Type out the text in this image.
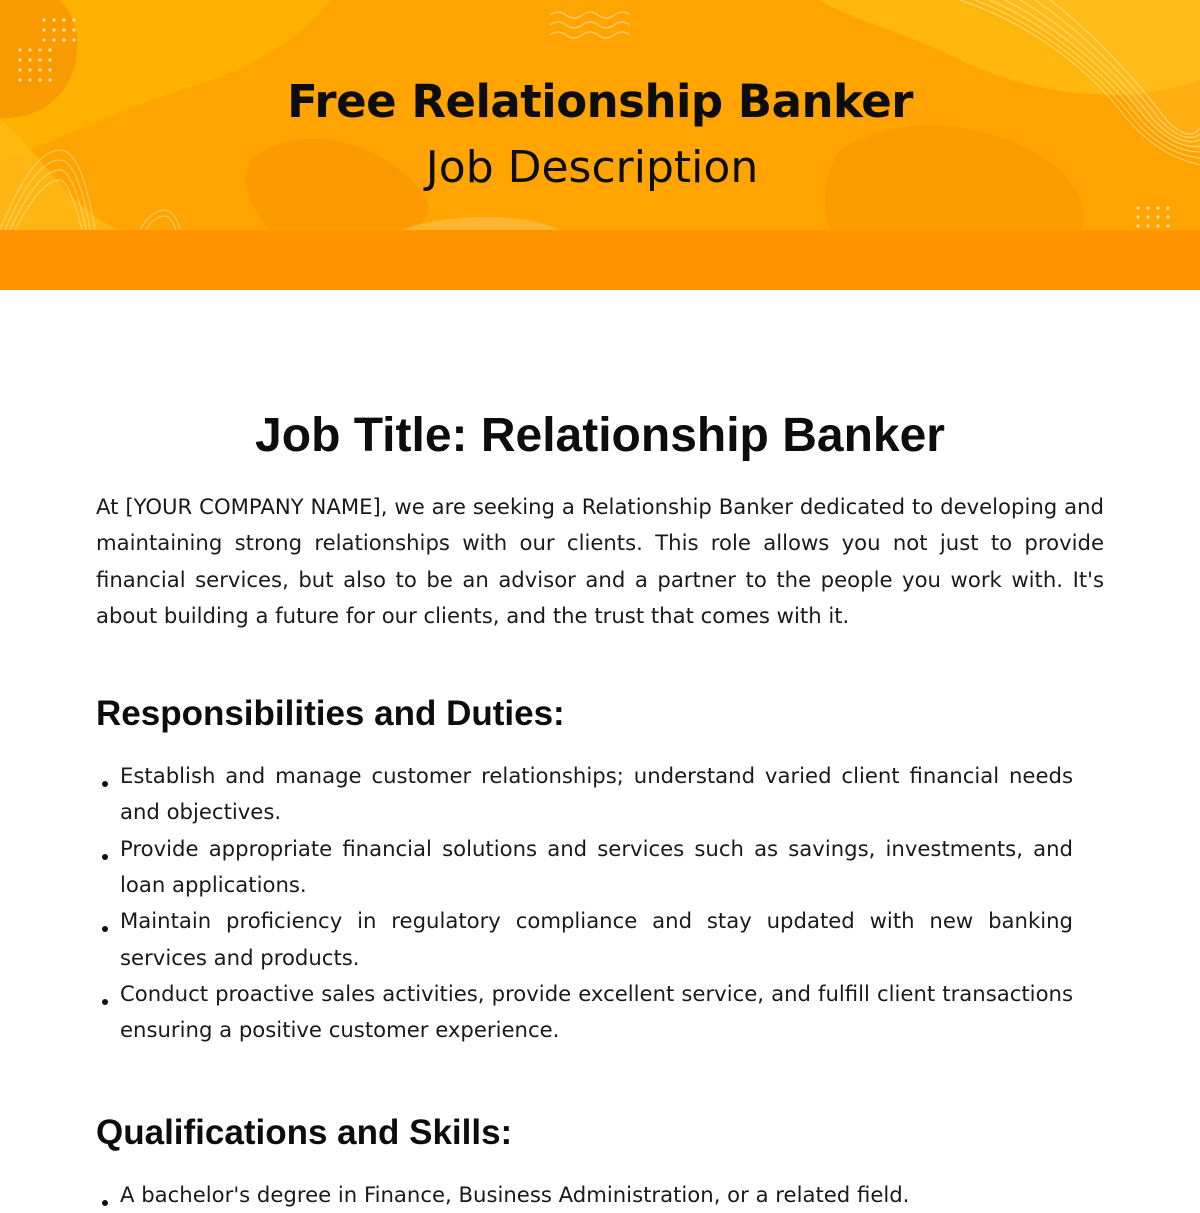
Free Relationship Banker
Job Description
Job Title: Relationship Banker

At [YOUR COMPANY NAME], we are seeking a Relationship Banker dedicated to developing and maintaining strong relationships with our clients. This role allows you not just to provide financial services, but also to be an advisor and a partner to the people you work with. It's about building a future for our clients, and the trust that comes with it.

Responsibilities and Duties:
Establish and manage customer relationships; understand varied client financial needs and objectives.
Provide appropriate financial solutions and services such as savings, investments, and loan applications.
Maintain proficiency in regulatory compliance and stay updated with new banking services and products.
Conduct proactive sales activities, provide excellent service, and fulfill client transactions ensuring a positive customer experience.
Qualifications and Skills:
A bachelor's degree in Finance, Business Administration, or a related field.
